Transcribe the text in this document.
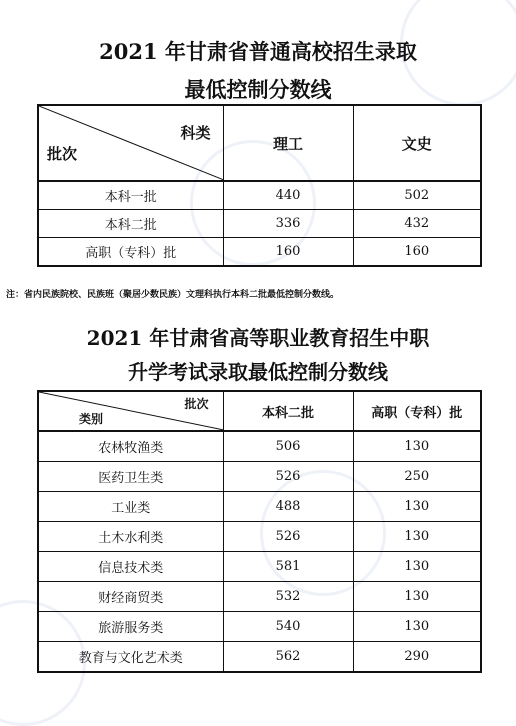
2021 年甘肃省普通高校招生录取
最低控制分数线
科类
批次	理工	文史
本科一批	440	502
本科二批	336	432
高职（专科）批	160	160
注：省内民族院校、民族班（聚居少数民族）文理科执行本科二批最低控制分数线。
2021 年甘肃省高等职业教育招生中职
升学考试录取最低控制分数线
批次
类别	本科二批	高职（专科）批
农林牧渔类	506	130
医药卫生类	526	250
工业类	488	130
土木水利类	526	130
信息技术类	581	130
财经商贸类	532	130
旅游服务类	540	130
教育与文化艺术类	562	290
